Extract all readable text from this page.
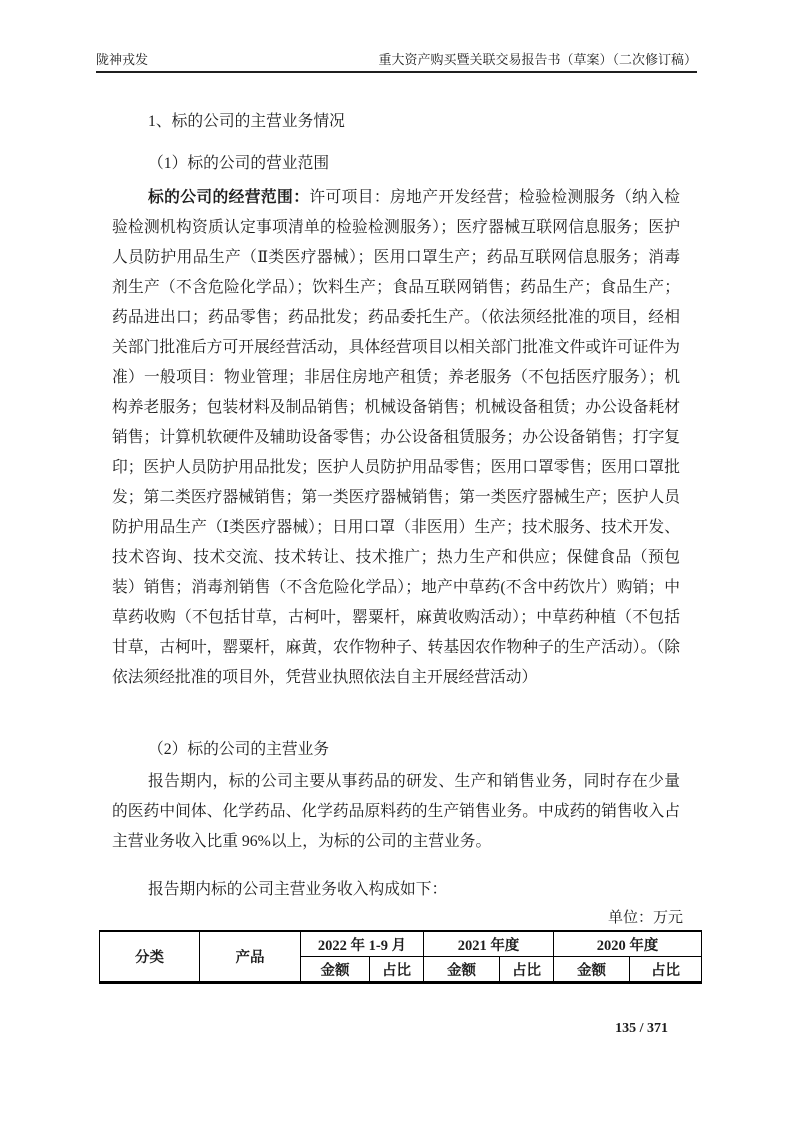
陇神戎发	重大资产购买暨关联交易报告书（草案）（二次修订稿）
1、标的公司的主营业务情况
（1）标的公司的营业范围

标的公司的经营范围：许可项目：房地产开发经营；检验检测服务（纳入检验检测机构资质认定事项清单的检验检测服务）；医疗器械互联网信息服务；医护人员防护用品生产（Ⅱ类医疗器械）；医用口罩生产；药品互联网信息服务；消毒剂生产（不含危险化学品）；饮料生产；食品互联网销售；药品生产；食品生产；药品进出口；药品零售；药品批发；药品委托生产。（依法须经批准的项目，经相关部门批准后方可开展经营活动，具体经营项目以相关部门批准文件或许可证件为准）一般项目：物业管理；非居住房地产租赁；养老服务（不包括医疗服务）；机构养老服务；包装材料及制品销售；机械设备销售；机械设备租赁；办公设备耗材销售；计算机软硬件及辅助设备零售；办公设备租赁服务；办公设备销售；打字复印；医护人员防护用品批发；医护人员防护用品零售；医用口罩零售；医用口罩批发；第二类医疗器械销售；第一类医疗器械销售；第一类医疗器械生产；医护人员防护用品生产（Ⅰ类医疗器械）；日用口罩（非医用）生产；技术服务、技术开发、技术咨询、技术交流、技术转让、技术推广；热力生产和供应；保健食品（预包装）销售；消毒剂销售（不含危险化学品）；地产中草药(不含中药饮片）购销；中草药收购（不包括甘草，古柯叶，罂粟杆，麻黄收购活动）；中草药种植（不包括甘草，古柯叶，罂粟杆，麻黄，农作物种子、转基因农作物种子的生产活动）。（除依法须经批准的项目外，凭营业执照依法自主开展经营活动）

（2）标的公司的主营业务

报告期内，标的公司主要从事药品的研发、生产和销售业务，同时存在少量的医药中间体、化学药品、化学药品原料药的生产销售业务。中成药的销售收入占主营业务收入比重 96%以上，为标的公司的主营业务。

报告期内标的公司主营业务收入构成如下：

单位：万元
分类	产品	2022 年 1-9 月		2021 年度		2020 年度	
		金额	占比	金额	占比	金额	占比
135 / 371
